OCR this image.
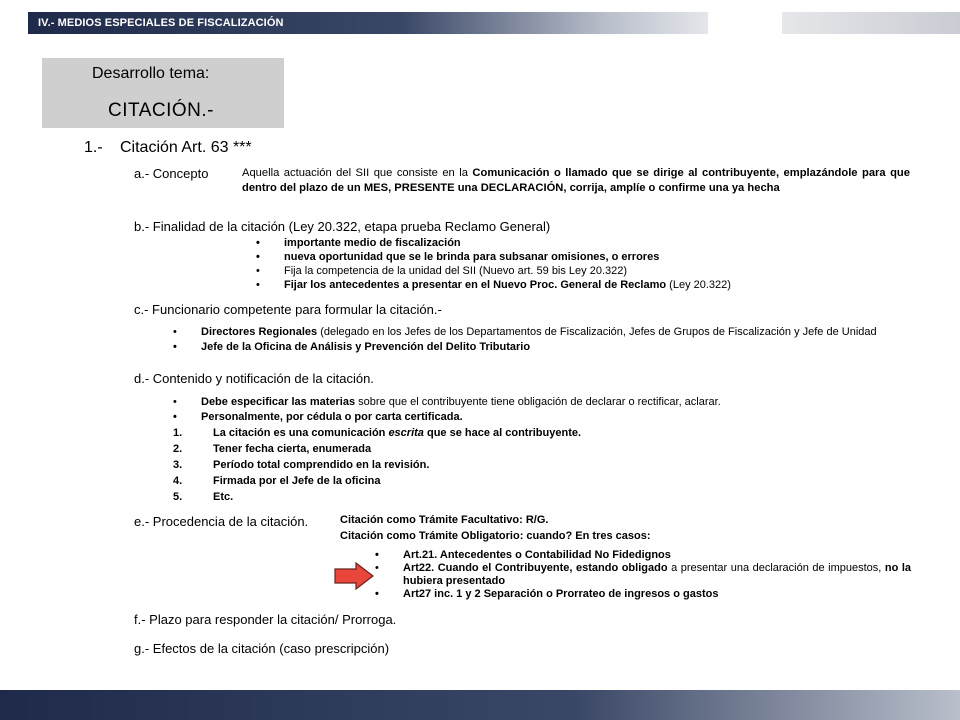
IV.- MEDIOS ESPECIALES DE FISCALIZACIÓN
Desarrollo tema:
CITACIÓN.-
1.- Citación Art. 63 ***
a.- Concepto	Aquella actuación del SII que consiste en la Comunicación o llamado que se dirige al contribuyente, emplazándole para que dentro del plazo de un MES, PRESENTE una DECLARACIÓN, corrija, amplíe o confirme una ya hecha
b.- Finalidad de la citación (Ley 20.322, etapa prueba Reclamo General)
• importante medio de fiscalización
• nueva oportunidad que se le brinda para subsanar omisiones, o errores
• Fija la competencia de la unidad del SII (Nuevo art. 59 bis Ley 20.322)
• Fijar los antecedentes a presentar en el Nuevo Proc. General de Reclamo (Ley 20.322)
c.- Funcionario competente para formular la citación.-
• Directores Regionales (delegado en los Jefes de los Departamentos de Fiscalización, Jefes de Grupos de Fiscalización y Jefe de Unidad
• Jefe de la Oficina de Análisis y Prevención del Delito Tributario
d.- Contenido y notificación de la citación.
• Debe especificar las materias sobre que el contribuyente tiene obligación de declarar o rectificar, aclarar.
• Personalmente, por cédula o por carta certificada.
1.	La citación es una comunicación escrita que se hace al contribuyente.
2.	Tener fecha cierta, enumerada
3.	Período total comprendido en la revisión.
4.	Firmada por el Jefe de la oficina
5.	Etc.
e.- Procedencia de la citación.	Citación como Trámite Facultativo: R/G.
Citación como Trámite Obligatorio: cuando? En tres casos:
• Art.21. Antecedentes o Contabilidad No Fidedignos
• Art22. Cuando el Contribuyente, estando obligado a presentar una declaración de impuestos, no la hubiera presentado
• Art27 inc. 1 y 2 Separación o Prorrateo de ingresos o gastos
f.- Plazo para responder la citación/ Prorroga.
g.- Efectos de la citación (caso prescripción)
